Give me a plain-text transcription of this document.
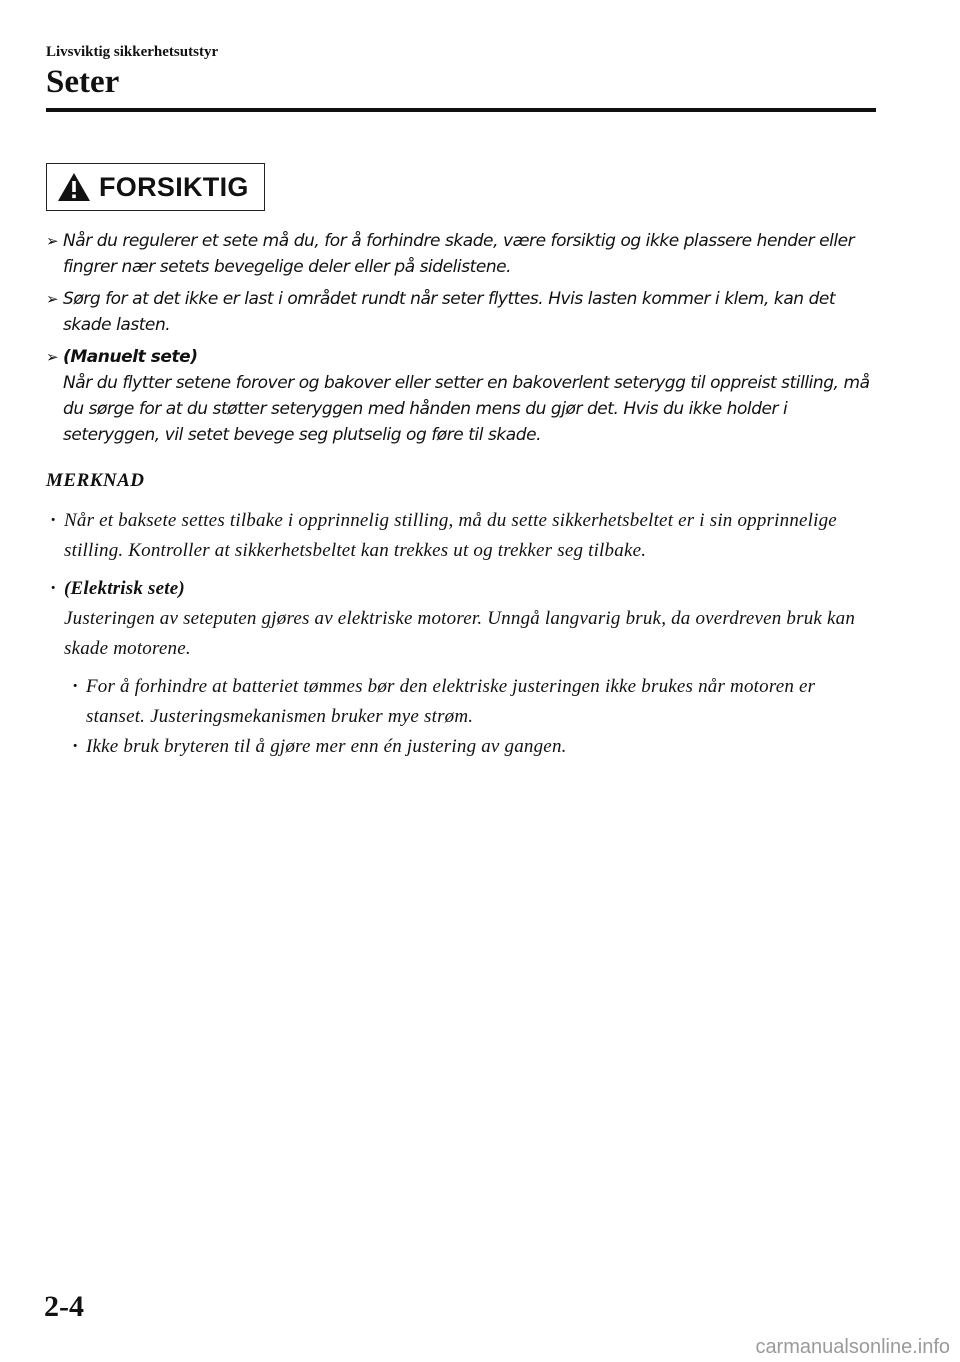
Livsviktig sikkerhetsutstyr
Seter
FORSIKTIG
➢ Når du regulerer et sete må du, for å forhindre skade, være forsiktig og ikke plassere hender eller fingrer nær setets bevegelige deler eller på sidelistene.
➢ Sørg for at det ikke er last i området rundt når seter flyttes. Hvis lasten kommer i klem, kan det skade lasten.
➢ (Manuelt sete)
Når du flytter setene forover og bakover eller setter en bakoverlent seterygg til oppreist stilling, må du sørge for at du støtter seteryggen med hånden mens du gjør det. Hvis du ikke holder i seteryggen, vil setet bevege seg plutselig og føre til skade.
MERKNAD
· Når et baksete settes tilbake i opprinnelig stilling, må du sette sikkerhetsbeltet er i sin opprinnelige stilling. Kontroller at sikkerhetsbeltet kan trekkes ut og trekker seg tilbake.
· (Elektrisk sete)
Justeringen av seteputen gjøres av elektriske motorer. Unngå langvarig bruk, da overdreven bruk kan skade motorene.
· For å forhindre at batteriet tømmes bør den elektriske justeringen ikke brukes når motoren er stanset. Justeringsmekanismen bruker mye strøm.
· Ikke bruk bryteren til å gjøre mer enn én justering av gangen.
2-4
carmanualsonline.info
